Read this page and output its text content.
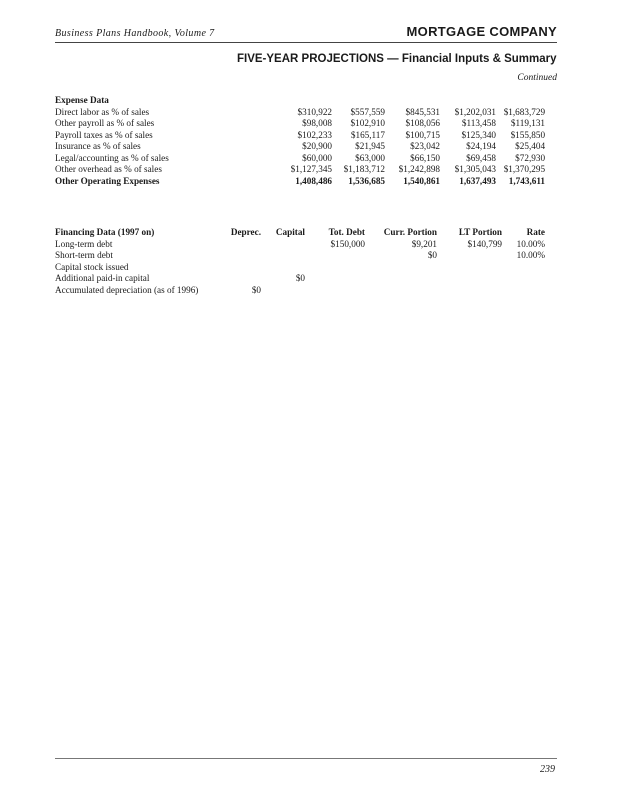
Business Plans Handbook, Volume 7	MORTGAGE COMPANY
FIVE-YEAR PROJECTIONS — Financial Inputs & Summary
Continued
Expense Data					
Direct labor as % of sales	$310,922	$557,559	$845,531	$1,202,031	$1,683,729
Other payroll as % of sales	$98,008	$102,910	$108,056	$113,458	$119,131
Payroll taxes as % of sales	$102,233	$165,117	$100,715	$125,340	$155,850
Insurance as % of sales	$20,900	$21,945	$23,042	$24,194	$25,404
Legal/accounting as % of sales	$60,000	$63,000	$66,150	$69,458	$72,930
Other overhead as % of sales	$1,127,345	$1,183,712	$1,242,898	$1,305,043	$1,370,295
Other Operating Expenses	1,408,486	1,536,685	1,540,861	1,637,493	1,743,611
Financing Data (1997 on)	Deprec.	Capital	Tot. Debt	Curr. Portion	LT Portion	Rate
Long-term debt			$150,000	$9,201	$140,799	10.00%
Short-term debt				$0		10.00%
Capital stock issued						
Additional paid-in capital		$0				
Accumulated depreciation (as of 1996)	$0					
239
